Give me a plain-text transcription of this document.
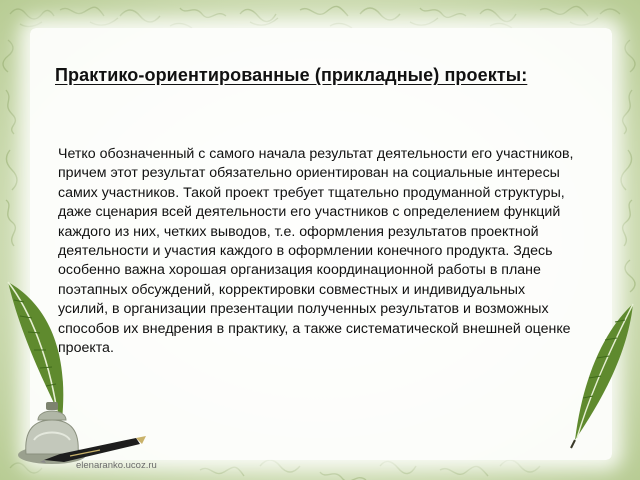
Практико-ориентированные (прикладные) проекты:

Четко обозначенный с самого начала результат деятельности его участников, причем этот результат обязательно ориентирован на социальные интересы самих участников. Такой проект требует тщательно продуманной структуры, даже сценария всей деятельности его участников с определением функций каждого из них, четких выводов, т.е. оформления результатов проектной деятельности и участия каждого в оформлении конечного продукта. Здесь особенно важна хорошая организация координационной работы в плане поэтапных обсуждений, корректировки совместных и индивидуальных усилий, в организации презентации полученных результатов и возможных способов их внедрения в практику, а также систематической внешней оценке проекта.

elenaranko.ucoz.ru
